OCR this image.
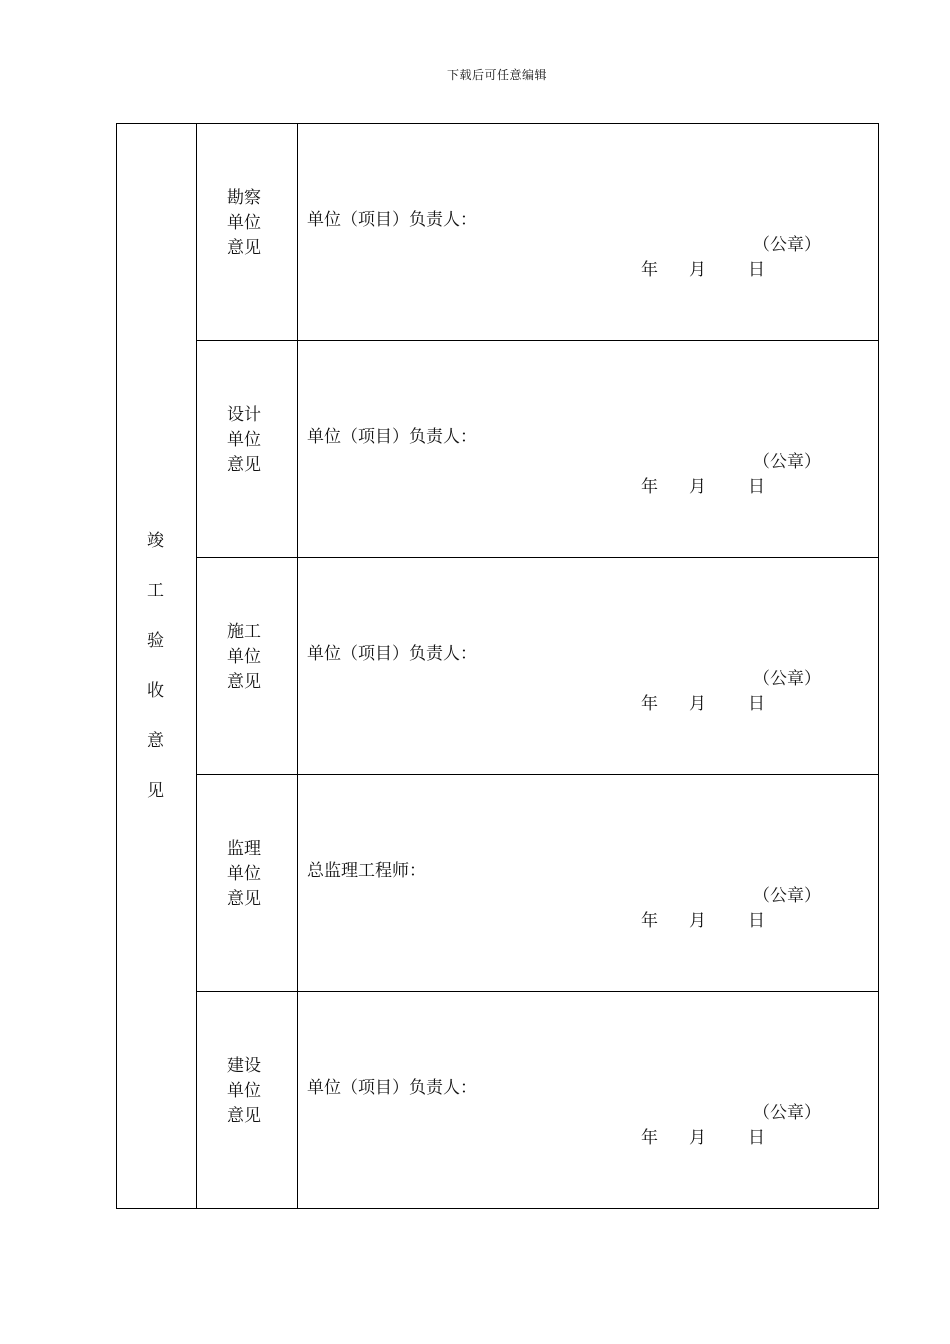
下载后可任意编辑
竣工验收意见	勘察单位意见	单位（项目）负责人：
（公章）
年 月 日

	设计单位意见	单位（项目）负责人：
（公章）
年 月 日

	施工单位意见	单位（项目）负责人：
（公章）
年 月 日

	监理单位意见	总监理工程师：
（公章）
年 月 日

	建设单位意见	单位（项目）负责人：
（公章）
年 月 日
